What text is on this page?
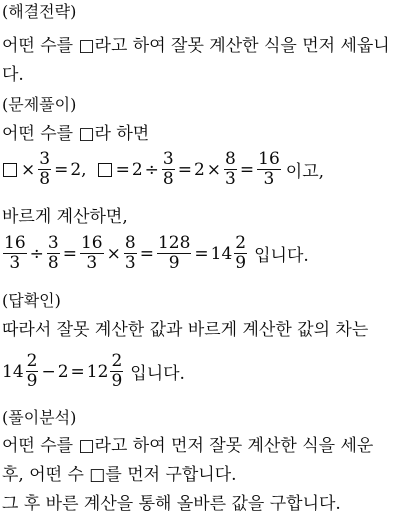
(해결전략)
어떤 수를 □라고 하여 잘못 계산한 식을 먼저 세웁니
다.
(문제풀이)
어떤 수를 □라 하면
× $\frac{3}{8} = 2$ , = $2 \div \frac{3}{8} = 2 \times \frac{8}{3} = \frac{16}{3}$ 이고,
바르게 계산하면,
$\frac{16}{3} \div \frac{3}{8} = \frac{16}{3} \times \frac{8}{3} = \frac{128}{9} = 14 \frac{2}{9}$ 입니다.
(답확인)
따라서 잘못 계산한 값과 바르게 계산한 값의 차는
$14 \frac{2}{9} - 2 = 12 \frac{2}{9}$ 입니다.
(풀이분석)
어떤 수를 □라고 하여 먼저 잘못 계산한 식을 세운
후, 어떤 수 □를 먼저 구합니다.
그 후 바른 계산을 통해 올바른 값을 구합니다.
